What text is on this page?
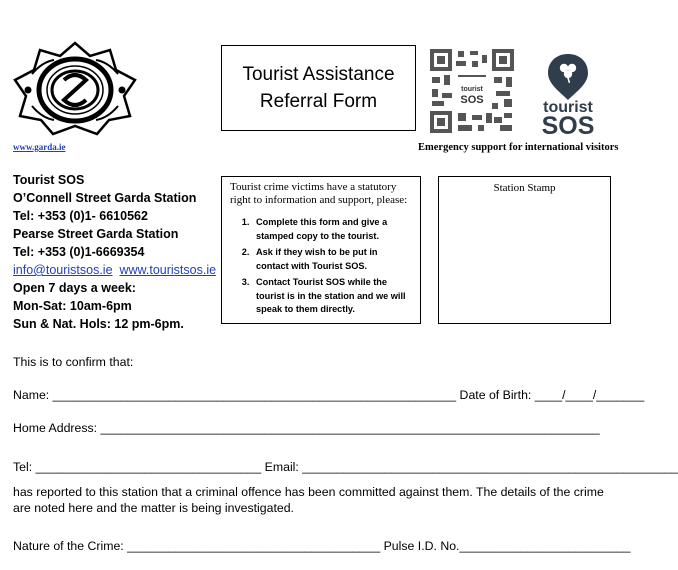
www.garda.ie
Tourist Assistance
Referral Form
tourist
SOS	tourist
SOS
Emergency support for international visitors
Tourist SOS
O’Connell Street Garda Station
Tel: +353 (0)1- 6610562
Pearse Street Garda Station
Tel: +353 (0)1-6669354
info@touristsos.ie www.touristsos.ie
Open 7 days a week:
Mon-Sat: 10am-6pm
Sun & Nat. Hols: 12 pm-6pm.
Tourist crime victims have a statutory right to information and support, please:
1. Complete this form and give a stamped copy to the tourist.
2. Ask if they wish to be put in contact with Tourist SOS.
3. Contact Tourist SOS while the tourist is in the station and we will speak to them directly.
Station Stamp
This is to confirm that:
Name: ___________________________________________________________ Date of Birth: ____/____/_______
Home Address: _________________________________________________________________________
Tel: _________________________________ Email: _______________________________________________________
has reported to this station that a criminal offence has been committed against them. The details of the crime are noted here and the matter is being investigated.
Nature of the Crime: _____________________________________ Pulse I.D. No._________________________
